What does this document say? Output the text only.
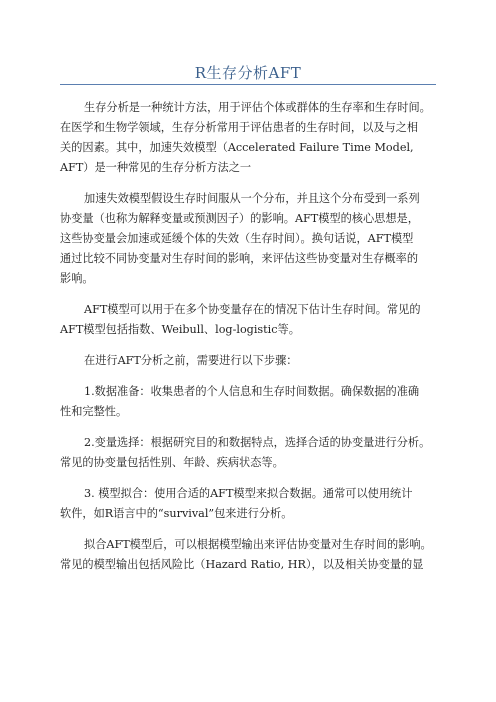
R生存分析AFT

生存分析是一种统计方法，用于评估个体或群体的生存率和生存时间。
在医学和生物学领域，生存分析常用于评估患者的生存时间，以及与之相
关的因素。其中，加速失效模型（Accelerated Failure Time Model,
AFT）是一种常见的生存分析方法之一

加速失效模型假设生存时间服从一个分布，并且这个分布受到一系列
协变量（也称为解释变量或预测因子）的影响。AFT模型的核心思想是，
这些协变量会加速或延缓个体的失效（生存时间）。换句话说，AFT模型
通过比较不同协变量对生存时间的影响，来评估这些协变量对生存概率的
影响。

AFT模型可以用于在多个协变量存在的情况下估计生存时间。常见的
AFT模型包括指数、Weibull、log-logistic等。

在进行AFT分析之前，需要进行以下步骤：

1.数据准备：收集患者的个人信息和生存时间数据。确保数据的准确
性和完整性。

2.变量选择：根据研究目的和数据特点，选择合适的协变量进行分析。
常见的协变量包括性别、年龄、疾病状态等。

3. 模型拟合：使用合适的AFT模型来拟合数据。通常可以使用统计
软件，如R语言中的“survival”包来进行分析。

拟合AFT模型后，可以根据模型输出来评估协变量对生存时间的影响。
常见的模型输出包括风险比（Hazard Ratio, HR），以及相关协变量的显
